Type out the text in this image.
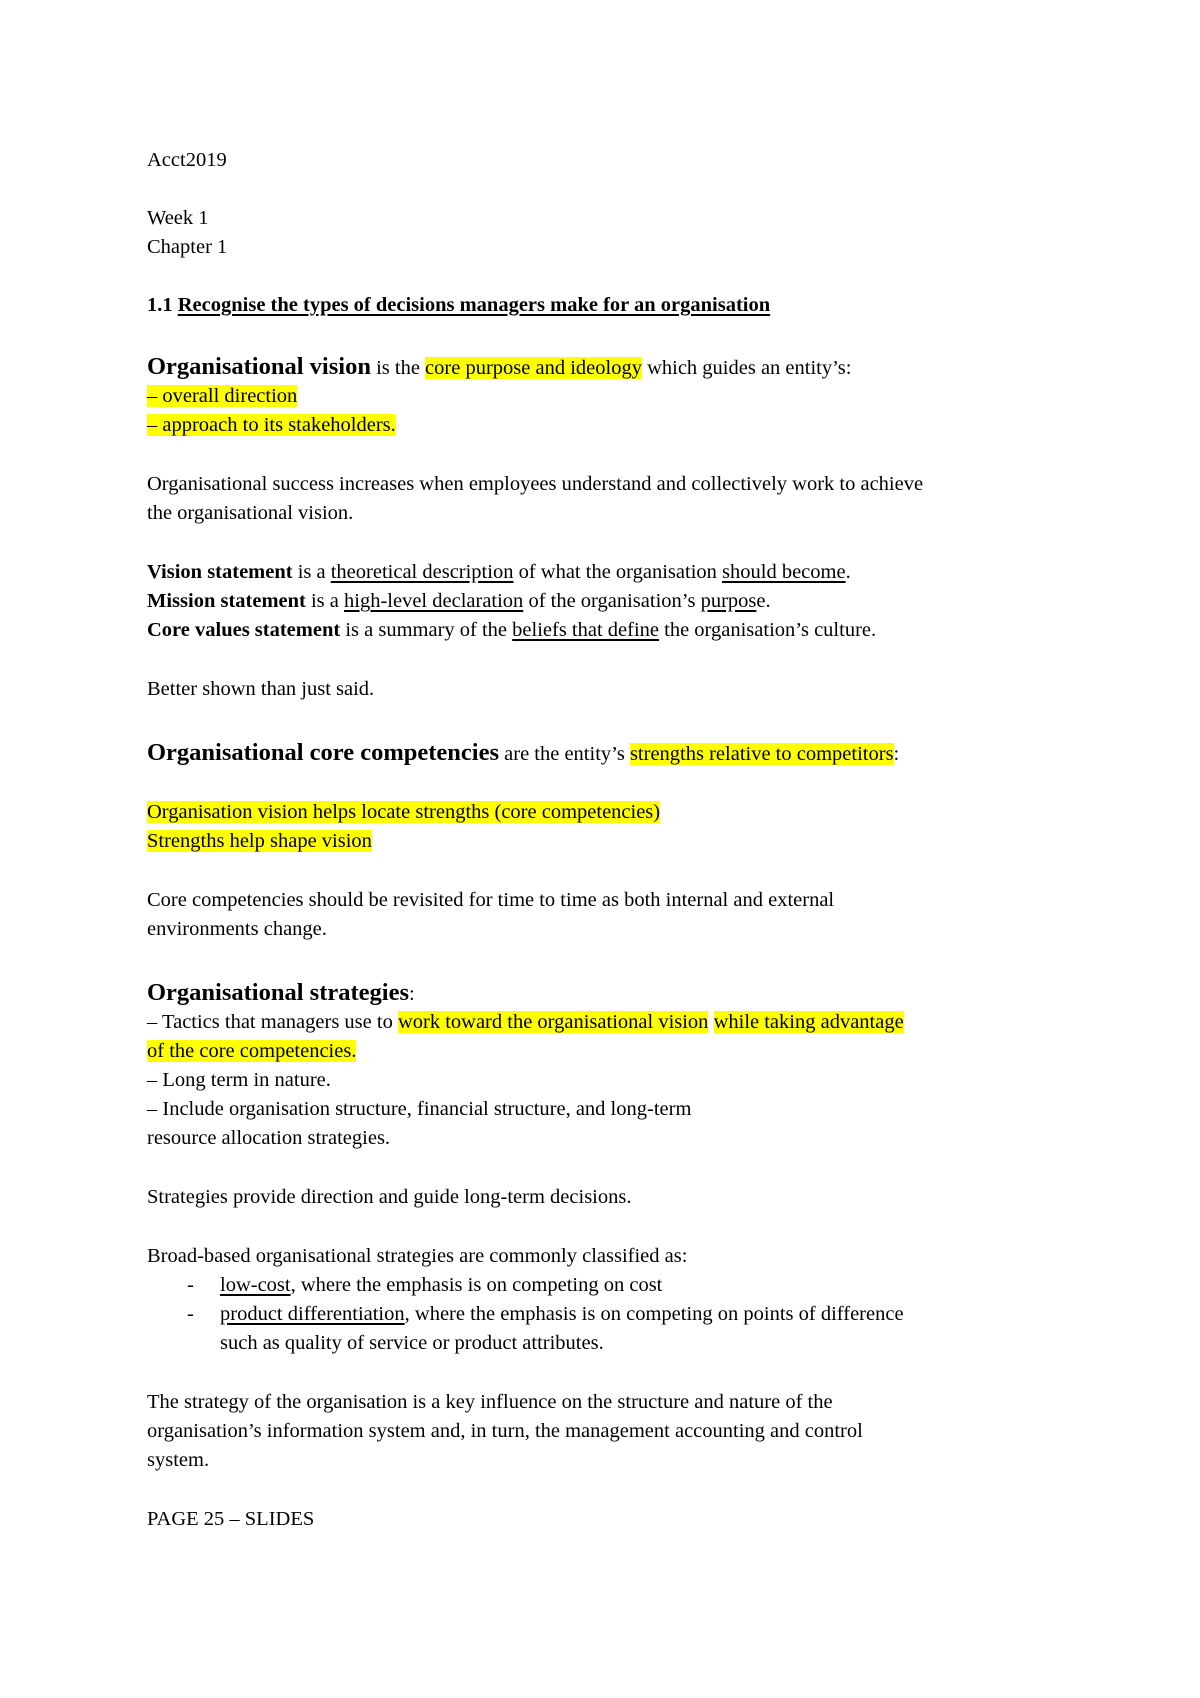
Acct2019
Week 1
Chapter 1
1.1 Recognise the types of decisions managers make for an organisation
Organisational vision is the core purpose and ideology which guides an entity’s:
– overall direction
– approach to its stakeholders.
Organisational success increases when employees understand and collectively work to achieve
the organisational vision.
Vision statement is a theoretical description of what the organisation should become.
Mission statement is a high-level declaration of the organisation’s purpose.
Core values statement is a summary of the beliefs that define the organisation’s culture.
Better shown than just said.
Organisational core competencies are the entity’s strengths relative to competitors:
Organisation vision helps locate strengths (core competencies)
Strengths help shape vision
Core competencies should be revisited for time to time as both internal and external
environments change.
Organisational strategies:
– Tactics that managers use to work toward the organisational vision while taking advantage
of the core competencies.
– Long term in nature.
– Include organisation structure, financial structure, and long-term
resource allocation strategies.
Strategies provide direction and guide long-term decisions.
Broad-based organisational strategies are commonly classified as:
- low-cost, where the emphasis is on competing on cost
- product differentiation, where the emphasis is on competing on points of difference
such as quality of service or product attributes.
The strategy of the organisation is a key influence on the structure and nature of the
organisation’s information system and, in turn, the management accounting and control
system.
PAGE 25 – SLIDES
